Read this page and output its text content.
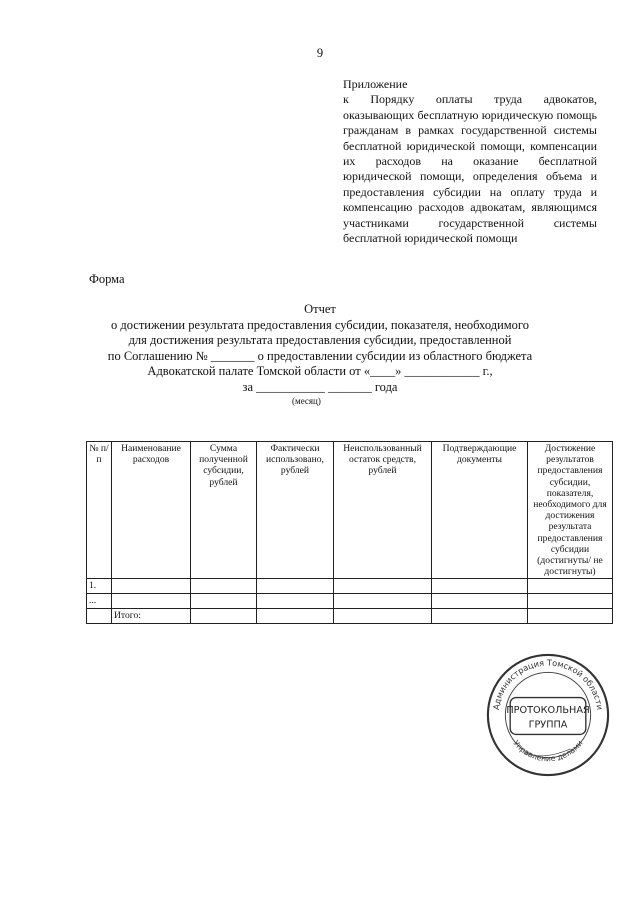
9
Приложение
к Порядку оплаты труда адвокатов, оказывающих бесплатную юридическую помощь гражданам в рамках государственной системы бесплатной юридической помощи, компенсации их расходов на оказание бесплатной юридической помощи, определения объема и предоставления субсидии на оплату труда и компенсацию расходов адвокатам, являющимся участниками государственной системы бесплатной юридической помощи
Форма
Отчет
о достижении результата предоставления субсидии, показателя, необходимого
для достижения результата предоставления субсидии, предоставленной
по Соглашению № _______ о предоставлении субсидии из областного бюджета
Адвокатской палате Томской области от «____» ____________ г.,
за ___________ _______ года
(месяц)
№ п/п	Наименование расходов	Сумма полученной субсидии, рублей	Фактически использовано, рублей	Неиспользованный остаток средств, рублей	Подтверждающие документы	Достижение результатов предоставления субсидии, показателя, необходимого для достижения результата предоставления субсидии (достигнуты/ не достигнуты)
1.						
...						
	Итого:					
Администрация Томской области
ПРОТОКОЛЬНАЯ
ГРУППА
Управление делами
